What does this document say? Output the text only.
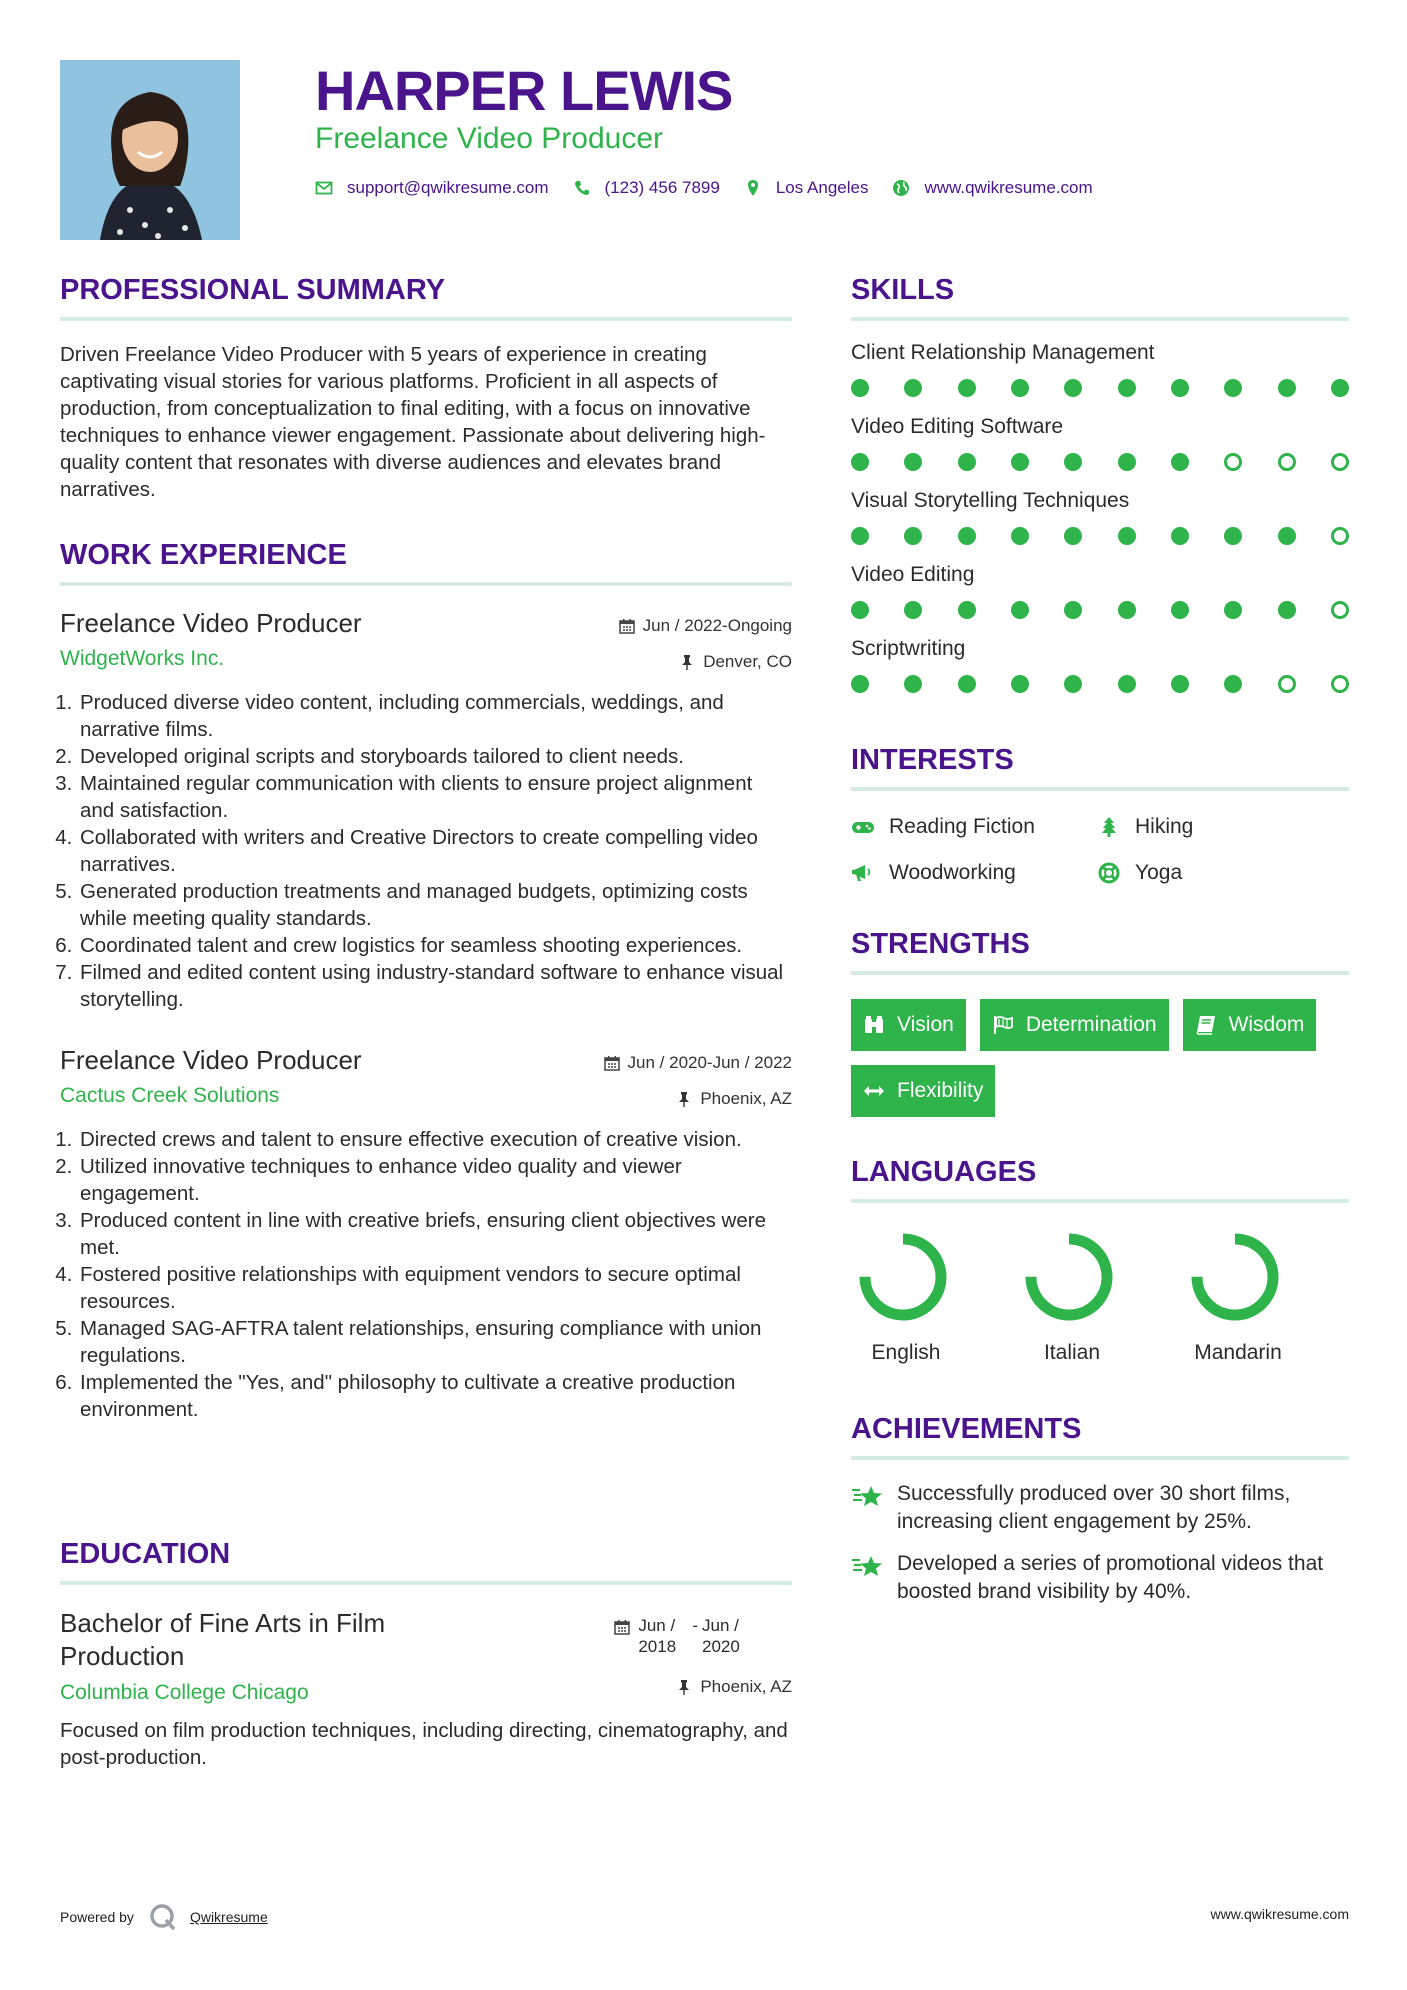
HARPER LEWIS
Freelance Video Producer
support@qwikresume.com	(123) 456 7899	Los Angeles	www.qwikresume.com
PROFESSIONAL SUMMARY
Driven Freelance Video Producer with 5 years of experience in creating captivating visual stories for various platforms. Proficient in all aspects of production, from conceptualization to final editing, with a focus on innovative techniques to enhance viewer engagement. Passionate about delivering high-quality content that resonates with diverse audiences and elevates brand narratives.
WORK EXPERIENCE
Freelance Video Producer
WidgetWorks Inc.
Jun / 2022-Ongoing
Denver, CO
1. Produced diverse video content, including commercials, weddings, and narrative films.
2. Developed original scripts and storyboards tailored to client needs.
3. Maintained regular communication with clients to ensure project alignment and satisfaction.
4. Collaborated with writers and Creative Directors to create compelling video narratives.
5. Generated production treatments and managed budgets, optimizing costs while meeting quality standards.
6. Coordinated talent and crew logistics for seamless shooting experiences.
7. Filmed and edited content using industry-standard software to enhance visual storytelling.
Freelance Video Producer
Cactus Creek Solutions
Jun / 2020-Jun / 2022
Phoenix, AZ
1. Directed crews and talent to ensure effective execution of creative vision.
2. Utilized innovative techniques to enhance video quality and viewer engagement.
3. Produced content in line with creative briefs, ensuring client objectives were met.
4. Fostered positive relationships with equipment vendors to secure optimal resources.
5. Managed SAG-AFTRA talent relationships, ensuring compliance with union regulations.
6. Implemented the "Yes, and" philosophy to cultivate a creative production environment.
EDUCATION
Bachelor of Fine Arts in Film Production
Columbia College Chicago
Jun / 2018
- Jun / 2020
Phoenix, AZ
Focused on film production techniques, including directing, cinematography, and post-production.
SKILLS
Client Relationship Management
Video Editing Software
Visual Storytelling Techniques
Video Editing
Scriptwriting
INTERESTS
Reading Fiction	Hiking
Woodworking	Yoga
STRENGTHS
Vision	Determination	Wisdom
Flexibility
LANGUAGES
English	Italian	Mandarin
ACHIEVEMENTS
Successfully produced over 30 short films, increasing client engagement by 25%.
Developed a series of promotional videos that boosted brand visibility by 40%.
Powered by	Qwikresume	www.qwikresume.com
